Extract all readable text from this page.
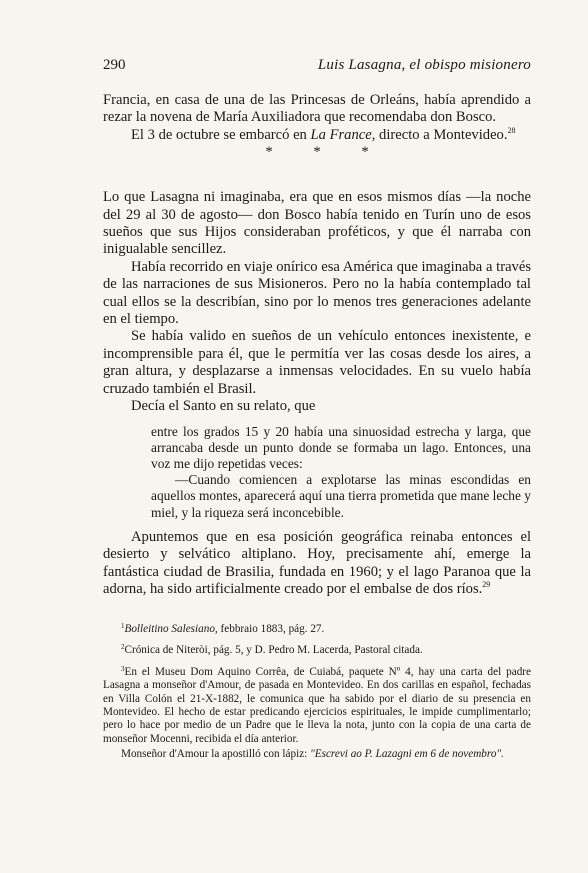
290	Luis Lasagna, el obispo misionero

Francia, en casa de una de las Princesas de Orleáns, había aprendido a rezar la novena de María Auxiliadora que recomendaba don Bosco.

El 3 de octubre se embarcó en La France, directo a Montevideo.$^{28}$

*	*	*

Lo que Lasagna ni imaginaba, era que en esos mismos días —la noche del 29 al 30 de agosto— don Bosco había tenido en Turín uno de esos sueños que sus Hijos consideraban proféticos, y que él narraba con inigualable sencillez.

Había recorrido en viaje onírico esa América que imaginaba a través de las narraciones de sus Misioneros. Pero no la había contemplado tal cual ellos se la describían, sino por lo menos tres generaciones adelante en el tiempo.

Se había valido en sueños de un vehículo entonces inexistente, e incomprensible para él, que le permitía ver las cosas desde los aires, a gran altura, y desplazarse a inmensas velocidades. En su vuelo había cruzado también el Brasil.

Decía el Santo en su relato, que

entre los grados 15 y 20 había una sinuosidad estrecha y larga, que arrancaba desde un punto donde se formaba un lago. Entonces, una voz me dijo repetidas veces:

—Cuando comiencen a explotarse las minas escondidas en aquellos montes, aparecerá aquí una tierra prometida que mane leche y miel, y la riqueza será inconcebible.

Apuntemos que en esa posición geográfica reinaba entonces el desierto y selvático altiplano. Hoy, precisamente ahí, emerge la fantástica ciudad de Brasilia, fundada en 1960; y el lago Paranoa que la adorna, ha sido artificialmente creado por el embalse de dos ríos.$^{29}$

$^1$Bolleitino Salesiano, febbraio 1883, pág. 27.

$^2$Crónica de Niteròi, pág. 5, y D. Pedro M. Lacerda, Pastoral citada.

$^3$En el Museu Dom Aquino Corrêa, de Cuiabá, paquete Nº 4, hay una carta del padre Lasagna a monseñor d'Amour, de pasada en Montevideo. En dos carillas en español, fechadas en Villa Colón el 21-X-1882, le comunica que ha sabido por el diario de su presencia en Montevideo. El hecho de estar predicando ejercicios espirituales, le impide cumplimentarlo; pero lo hace por medio de un Padre que le lleva la nota, junto con la copia de una carta de monseñor Mocenni, recibida el día anterior.

Monseñor d'Amour la apostilló con lápiz: "Escrevi ao P. Lazagni em 6 de novembro".
